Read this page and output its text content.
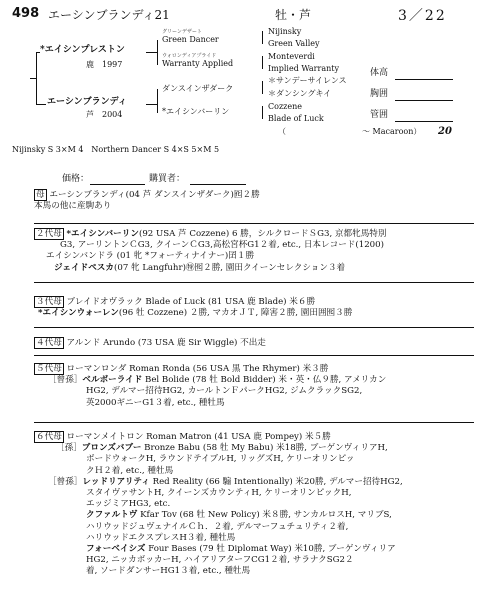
498 エーシンブランディ21	牡・芦	3／22
*エイシンプレストン
鹿　 1997
エーシンブランディ
芦　 2004
グリーンデザート
Green Dancer
ウォロンディアプライド
Warranty Applied
ダンスインザダーク
*エイシンバーリン
Nijinsky
Green Valley
Monteverdi
Implied Warranty
＊サンデーサイレンス
＊ダンシングキイ
Cozzene
Blade of Luck
（	〜 Macaroon） 20
体高
胸囲
管囲
Nijinsky S 3×M 4　Northern Dancer S 4×S 5×M 5
価格：	購買者：
母 エーシンブランディ(04 芦 ダンスインザダーク)囮２勝
本馬の他に産駒あり
２代母 *エイシンバーリン(92 USA 芦 Cozzene) 6 勝，シルクロードＳG3, 京都牝馬特別
G3, アーリントンＣG3, クイーンＣG3,高松宮杯G1２着, etc., 日本レコード(1200)
エイシンバンドラ (01 牝 *フォーティナイナー)囝１勝
ジェイドペスカ(07 牝 Langfuhr)㊕囮２勝, 園田クイーンセレクション３着
３代母 ブレイドオヴラック Blade of Luck (81 USA 鹿 Blade) 米６勝
*エイシンウォーレン(96 牡 Cozzene) ２勝, マカオＪＴ, 障害２勝, 園田囲囮３勝
４代母 アルンド Arundo (73 USA 鹿 Sir Wiggle) 不出走
５代母 ローマンロンダ Roman Ronda (56 USA 黒 The Rhymer) 米３勝
［曾孫］ベルボーライド Bel Bolide (78 牡 Bold Bidder) 米・英・仏９勝, アメリカン
HG2, デルマー招待HG2, カールトンＦパークHG2, ジムクラックSG2,
英2000ギニーG1３着, etc., 種牡馬
６代母 ローマンメイトロン Roman Matron (41 USA 鹿 Pompey) 米５勝
［孫］ブロンズバブー Bronze Babu (58 牡 My Babu) 米18勝, ブーゲンヴィリアH,
ボードウォークH, ラウンドテイブルH, リッグズH, ケリーオリンピッ
クＨ２着, etc., 種牡馬
［曾孫］レッドリアリティ Red Reality (66 騸 Intentionally) 米20勝, デルマー招待HG2,
スタイヴァサントH, クイーンズカウンティH, ケリーオリンピックH,
エッジミアHG3, etc.
クファルトヴ Kfar Tov (68 牡 New Policy) 米８勝, サンカルロスH, マリブS,
ハリウッドジュヴェナイルＣｈ．２着, デルマーフュチュリティ２着,
ハリウッドエクスプレスH３着, 種牡馬
フォーベイシズ Four Bases (79 牡 Diplomat Way) 米10勝, ブーゲンヴィリア
HG2, ニッカボッカーH, ハイアリアターフCG1２着, サラナクSG2２
着, ソードダンサーHG1３着, etc., 種牡馬
